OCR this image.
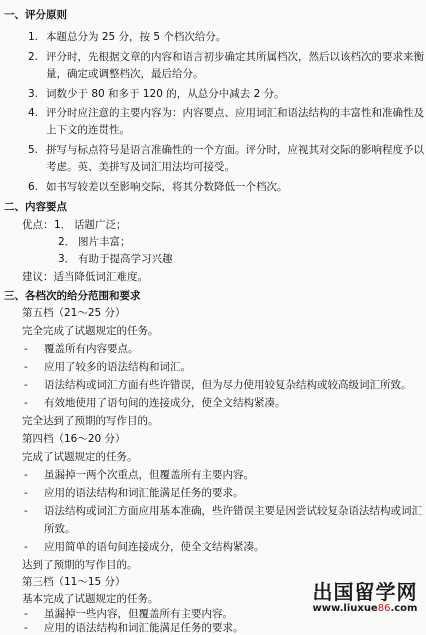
一、评分原则
1. 本题总分为 25 分，按 5 个档次给分。
2. 评分时，先根据文章的内容和语言初步确定其所属档次，然后以该档次的要求来衡
量，确定或调整档次，最后给分。
3. 词数少于 80 和多于 120 的，从总分中减去 2 分。
4. 评分时应注意的主要内容为：内容要点、应用词汇和语法结构的丰富性和准确性及
上下文的连贯性。
5. 拼写与标点符号是语言准确性的一个方面。评分时，应视其对交际的影响程度予以
考虑。英、美拼写及词汇用法均可接受。
6. 如书写较差以至影响交际，将其分数降低一个档次。
二、内容要点
优点： 1． 话题广泛；
2． 图片丰富；
3． 有助于提高学习兴趣
建议：适当降低词汇难度。
三、各档次的给分范围和要求
第五档（21～25 分）
完全完成了试题规定的任务。
- 覆盖所有内容要点。
- 应用了较多的语法结构和词汇。
- 语法结构或词汇方面有些许错误，但为尽力使用较复杂结构或较高级词汇所致。
- 有效地使用了语句间的连接成分，使全文结构紧凑。
完全达到了预期的写作目的。
第四档（16～20 分）
完成了试题规定的任务。
- 虽漏掉一两个次重点，但覆盖所有主要内容。
- 应用的语法结构和词汇能满足任务的要求。
- 语法结构或词汇方面应用基本准确，些许错误主要是因尝试较复杂语法结构或词汇
所致。
- 应用简单的语句间连接成分，使全文结构紧凑。
达到了预期的写作目的。
第三档（11～15 分）
基本完成了试题规定的任务。
- 虽漏掉一些内容，但覆盖所有主要内容。
- 应用的语法结构和词汇能满足任务的要求。
出国留学网
www.liuxue86.com
